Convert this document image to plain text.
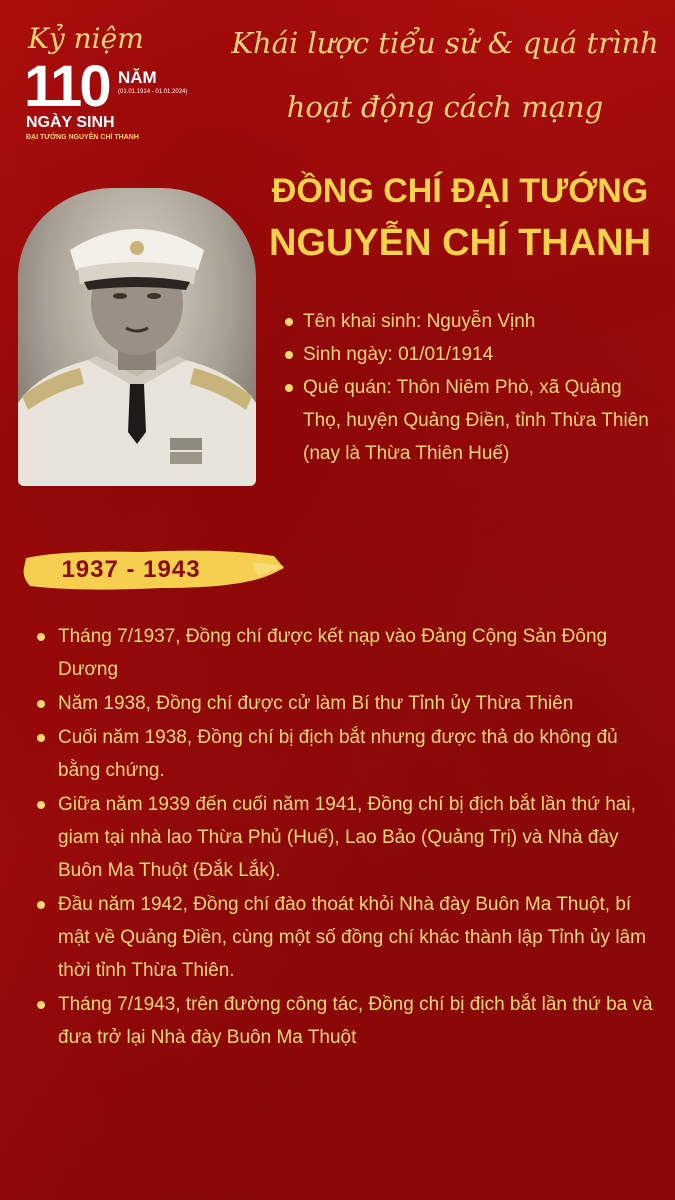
Kỷ niệm
110 NĂM
(01.01.1914 - 01.01.2024)
NGÀY SINH
ĐẠI TƯỚNG NGUYỄN CHÍ THANH
Khái lược tiểu sử & quá trình
hoạt động cách mạng
ĐỒNG CHÍ ĐẠI TƯỚNG
NGUYỄN CHÍ THANH
Tên khai sinh: Nguyễn Vịnh
Sinh ngày: 01/01/1914
Quê quán: Thôn Niêm Phò, xã Quảng Thọ, huyện Quảng Điền, tỉnh Thừa Thiên (nay là Thừa Thiên Huế)
1937 - 1943
Tháng 7/1937, Đồng chí được kết nạp vào Đảng Cộng Sản Đông Dương
Năm 1938, Đồng chí được cử làm Bí thư Tỉnh ủy Thừa Thiên
Cuối năm 1938, Đồng chí bị địch bắt nhưng được thả do không đủ bằng chứng.
Giữa năm 1939 đến cuối năm 1941, Đồng chí bị địch bắt lần thứ hai, giam tại nhà lao Thừa Phủ (Huế), Lao Bảo (Quảng Trị) và Nhà đày Buôn Ma Thuột (Đắk Lắk).
Đầu năm 1942, Đồng chí đào thoát khỏi Nhà đày Buôn Ma Thuột, bí mật về Quảng Điền, cùng một số đồng chí khác thành lập Tỉnh ủy lâm thời tỉnh Thừa Thiên.
Tháng 7/1943, trên đường công tác, Đồng chí bị địch bắt lần thứ ba và đưa trở lại Nhà đày Buôn Ma Thuột
